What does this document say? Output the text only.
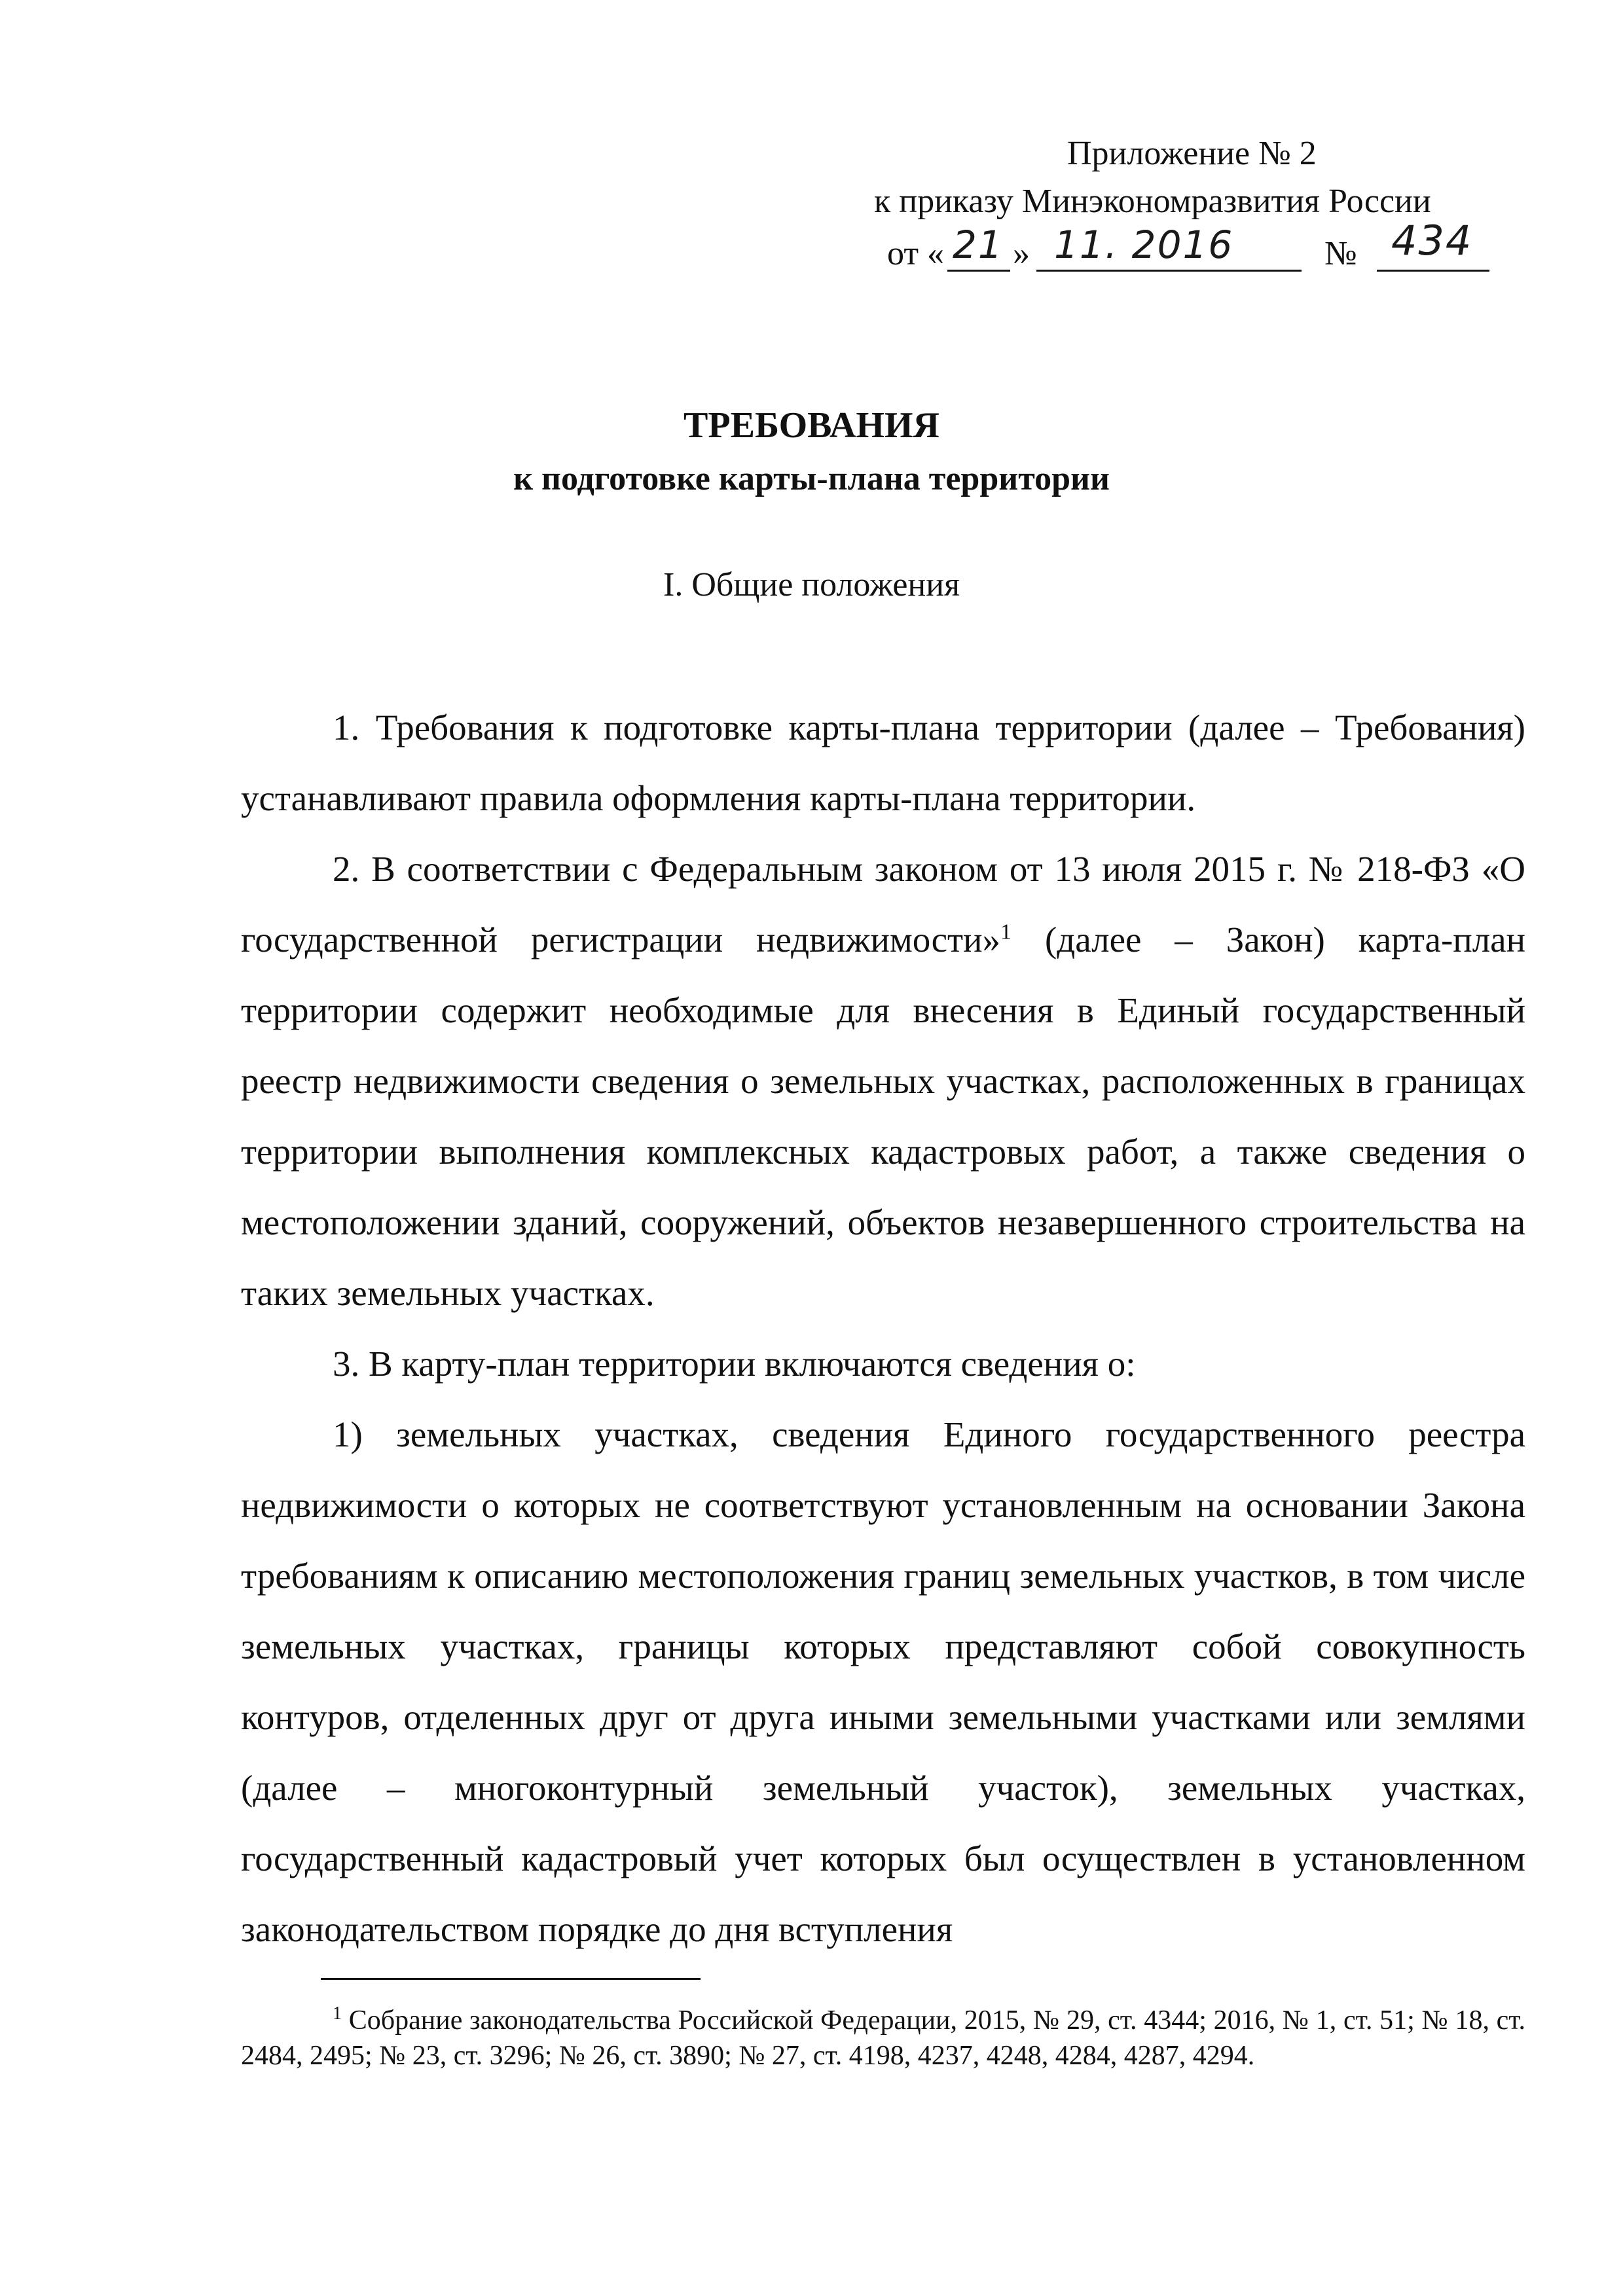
Приложение № 2
к приказу Минэкономразвития России
от « 21 » 11. 2016	№ 434
ТРЕБОВАНИЯ
к подготовке карты-плана территории
I. Общие положения

1. Требования к подготовке карты-плана территории (далее – Требования) устанавливают правила оформления карты-плана территории.

2. В соответствии с Федеральным законом от 13 июля 2015 г. № 218-ФЗ «О государственной регистрации недвижимости»$^1$ (далее – Закон) карта-план территории содержит необходимые для внесения в Единый государственный реестр недвижимости сведения о земельных участках, расположенных в границах территории выполнения комплексных кадастровых работ, а также сведения о местоположении зданий, сооружений, объектов незавершенного строительства на таких земельных участках.

3. В карту-план территории включаются сведения о:

1) земельных участках, сведения Единого государственного реестра недвижимости о которых не соответствуют установленным на основании Закона требованиям к описанию местоположения границ земельных участков, в том числе земельных участках, границы которых представляют собой совокупность контуров, отделенных друг от друга иными земельными участками или землями (далее – многоконтурный земельный участок), земельных участках, государственный кадастровый учет которых был осуществлен в установленном законодательством порядке до дня вступления

$^1$ Собрание законодательства Российской Федерации, 2015, № 29, ст. 4344; 2016, № 1, ст. 51; № 18, ст. 2484, 2495; № 23, ст. 3296; № 26, ст. 3890; № 27, ст. 4198, 4237, 4248, 4284, 4287, 4294.
